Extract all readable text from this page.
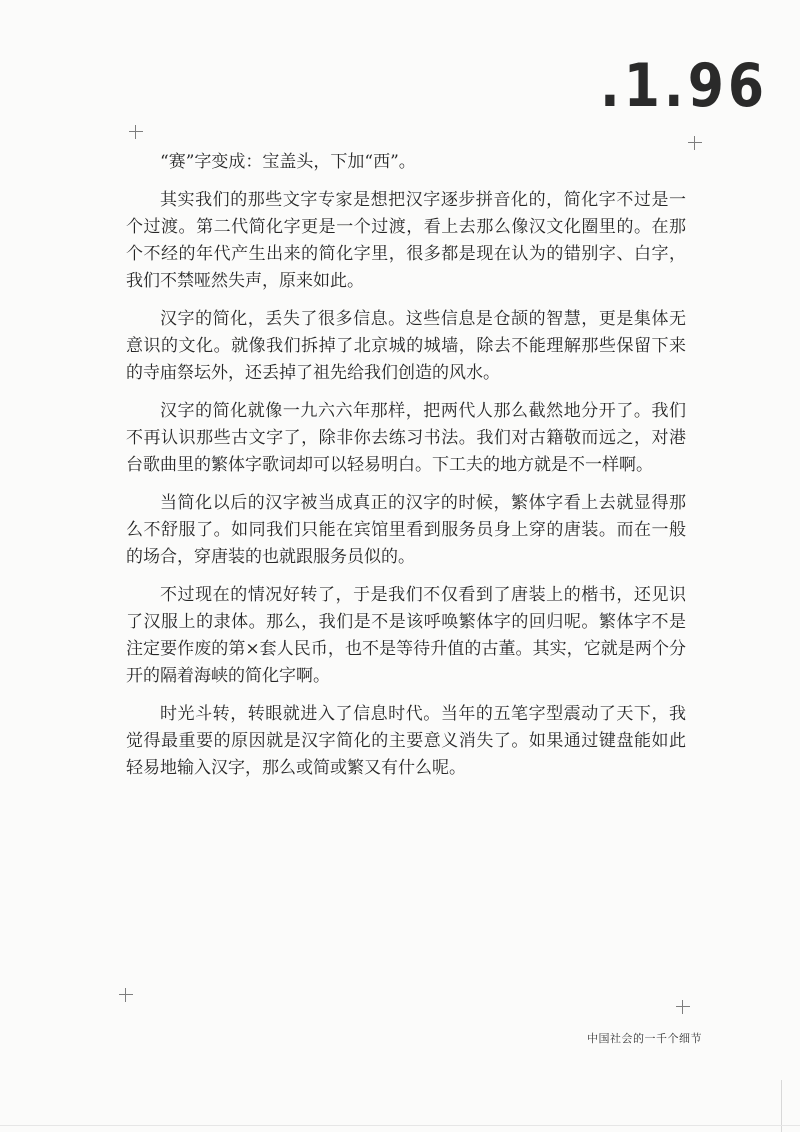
.1.96

“赛”字变成：宝盖头，下加“西”。

其实我们的那些文字专家是想把汉字逐步拼音化的，简化字不过是一个过渡。第二代简化字更是一个过渡，看上去那么像汉文化圈里的。在那个不经的年代产生出来的简化字里，很多都是现在认为的错别字、白字，我们不禁哑然失声，原来如此。

汉字的简化，丢失了很多信息。这些信息是仓颉的智慧，更是集体无意识的文化。就像我们拆掉了北京城的城墙，除去不能理解那些保留下来的寺庙祭坛外，还丢掉了祖先给我们创造的风水。

汉字的简化就像一九六六年那样，把两代人那么截然地分开了。我们不再认识那些古文字了，除非你去练习书法。我们对古籍敬而远之，对港台歌曲里的繁体字歌词却可以轻易明白。下工夫的地方就是不一样啊。

当简化以后的汉字被当成真正的汉字的时候，繁体字看上去就显得那么不舒服了。如同我们只能在宾馆里看到服务员身上穿的唐装。而在一般的场合，穿唐装的也就跟服务员似的。

不过现在的情况好转了，于是我们不仅看到了唐装上的楷书，还见识了汉服上的隶体。那么，我们是不是该呼唤繁体字的回归呢。繁体字不是注定要作废的第×套人民币，也不是等待升值的古董。其实，它就是两个分开的隔着海峡的简化字啊。

时光斗转，转眼就进入了信息时代。当年的五笔字型震动了天下，我觉得最重要的原因就是汉字简化的主要意义消失了。如果通过键盘能如此轻易地输入汉字，那么或简或繁又有什么呢。

中国社会的一千个细节
